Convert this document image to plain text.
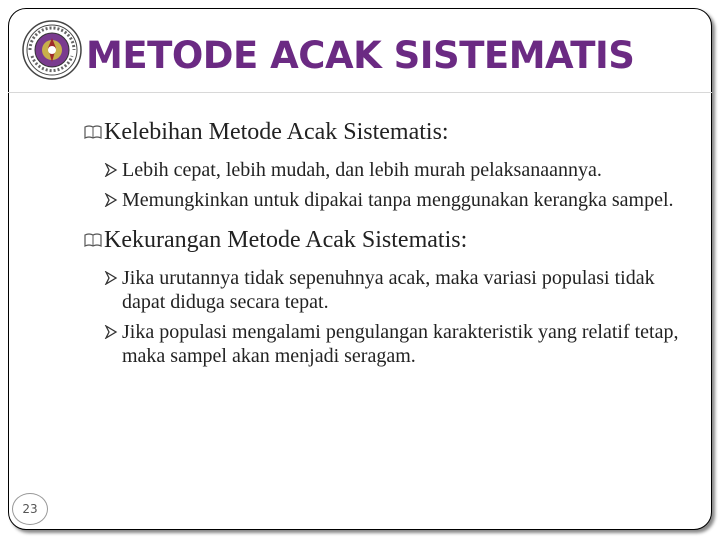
METODE ACAK SISTEMATIS
Kelebihan Metode Acak Sistematis:
Lebih cepat, lebih mudah, dan lebih murah pelaksanaannya.
Memungkinkan untuk dipakai tanpa menggunakan kerangka sampel.
Kekurangan Metode Acak Sistematis:
Jika urutannya tidak sepenuhnya acak, maka variasi populasi tidak dapat diduga secara tepat.
Jika populasi mengalami pengulangan karakteristik yang relatif tetap, maka sampel akan menjadi seragam.
23
